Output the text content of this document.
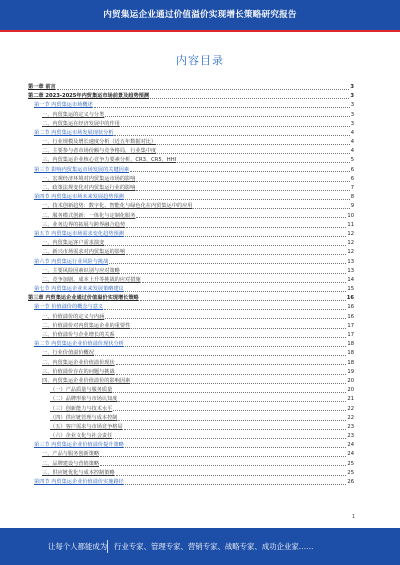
内贸集运企业通过价值溢价实现增长策略研究报告
内容目录
第一章 前言	3
第二章 2023-2025年内贸集运市场前景及趋势预测	3
第一节 内贸集运市场概述	3
一、内贸集运的定义与分类	3
二、内贸集运在经济发展中的作用	3
第二节 内贸集运市场发展现状分析	4
一、行业规模及增长速度分析（近五年数据对比）	4
二、主要参与者市场份额与竞争格局，行业集中度	4
三、内贸集运企业核心竞争力要素分析，CR3、CR5、HHI	5
第三节 影响内贸集运市场发展的关键因素	6
一、宏观经济环境对内贸集运市场的影响	6
二、政策法规变化对内贸集运行业的影响	7
第四节 内贸集运市场未来发展趋势预测	8
一、技术创新趋势：数字化、智能化与绿色化在内贸集运中的应用	9
二、服务模式创新：一体化与定制化服务	10
三、业务边界的拓展与跨界融合趋势	11
第五节 内贸集运市场需求变化趋势预测	12
一、内贸集运客户需求演变	12
二、新兴市场需求对内贸集运的影响	12
第六节 内贸集运行业风险与挑战	13
一、主要风险因素识别与应对策略	13
二、竞争加剧、成本上升等挑战的应对措施	14
第七节 内贸集运企业未来发展策略建议	15
第三章 内贸集运企业通过价值溢价实现增长策略	16
第一节 价值溢价的概念与意义	16
一、价值溢价的定义与内涵	16
二、价值溢价对内贸集运企业的重要性	17
三、价值溢价与企业增长的关系	17
第二节 内贸集运企业价值溢价现状分析	18
一、行业价值溢价概况	18
二、内贸集运企业价值溢价现状	18
三、价值溢价存在的问题与挑战	19
四、内贸集运企业价值溢价的影响因素	20
（一）产品质量与服务质量	20
（二）品牌形象与市场认知度	21
（三）创新能力与技术水平	22
（四）供应链管理与成本控制	22
（五）客户需求与市场竞争格局	23
（六）企业文化与社会责任	23
第三节 内贸集运企业价值溢价提升策略	24
一、产品与服务创新策略	24
二、品牌建设与营销策略	25
三、供应链优化与成本控制策略	25
第四节 内贸集运企业价值溢价实施路径	26
1
让每个人都能成为 行业专家、管理专家、营销专家、战略专家、成功企业家……
